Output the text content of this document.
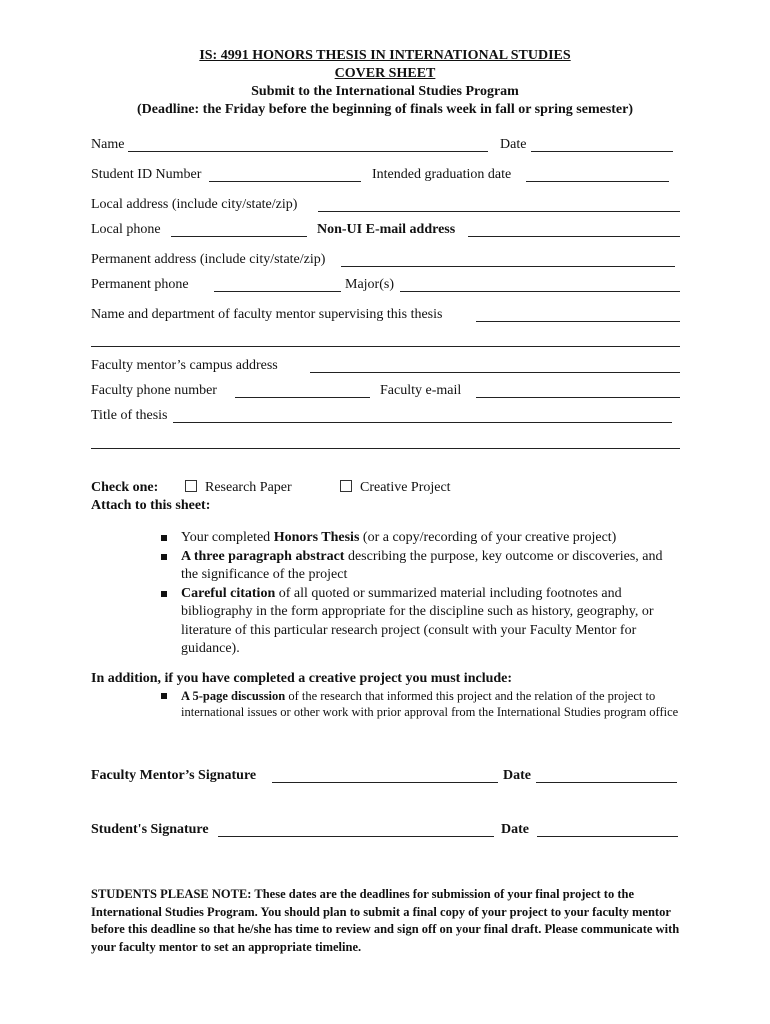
IS: 4991 HONORS THESIS IN INTERNATIONAL STUDIES
COVER SHEET
Submit to the International Studies Program
(Deadline: the Friday before the beginning of finals week in fall or spring semester)
Name	Date
Student ID Number	Intended graduation date
Local address (include city/state/zip)
Local phone	Non-UI E-mail address
Permanent address (include city/state/zip)
Permanent phone	Major(s)
Name and department of faculty mentor supervising this thesis
Faculty mentor’s campus address
Faculty phone number	Faculty e-mail
Title of thesis
Check one:	Research Paper	Creative Project
Attach to this sheet:
Your completed Honors Thesis (or a copy/recording of your creative project)
A three paragraph abstract describing the purpose, key outcome or discoveries, and the significance of the project
Careful citation of all quoted or summarized material including footnotes and bibliography in the form appropriate for the discipline such as history, geography, or literature of this particular research project (consult with your Faculty Mentor for guidance).
In addition, if you have completed a creative project you must include:
A 5-page discussion of the research that informed this project and the relation of the project to international issues or other work with prior approval from the International Studies program office
Faculty Mentor’s Signature	Date
Student's Signature	Date
STUDENTS PLEASE NOTE: These dates are the deadlines for submission of your final project to the International Studies Program. You should plan to submit a final copy of your project to your faculty mentor before this deadline so that he/she has time to review and sign off on your final draft. Please communicate with your faculty mentor to set an appropriate timeline.
